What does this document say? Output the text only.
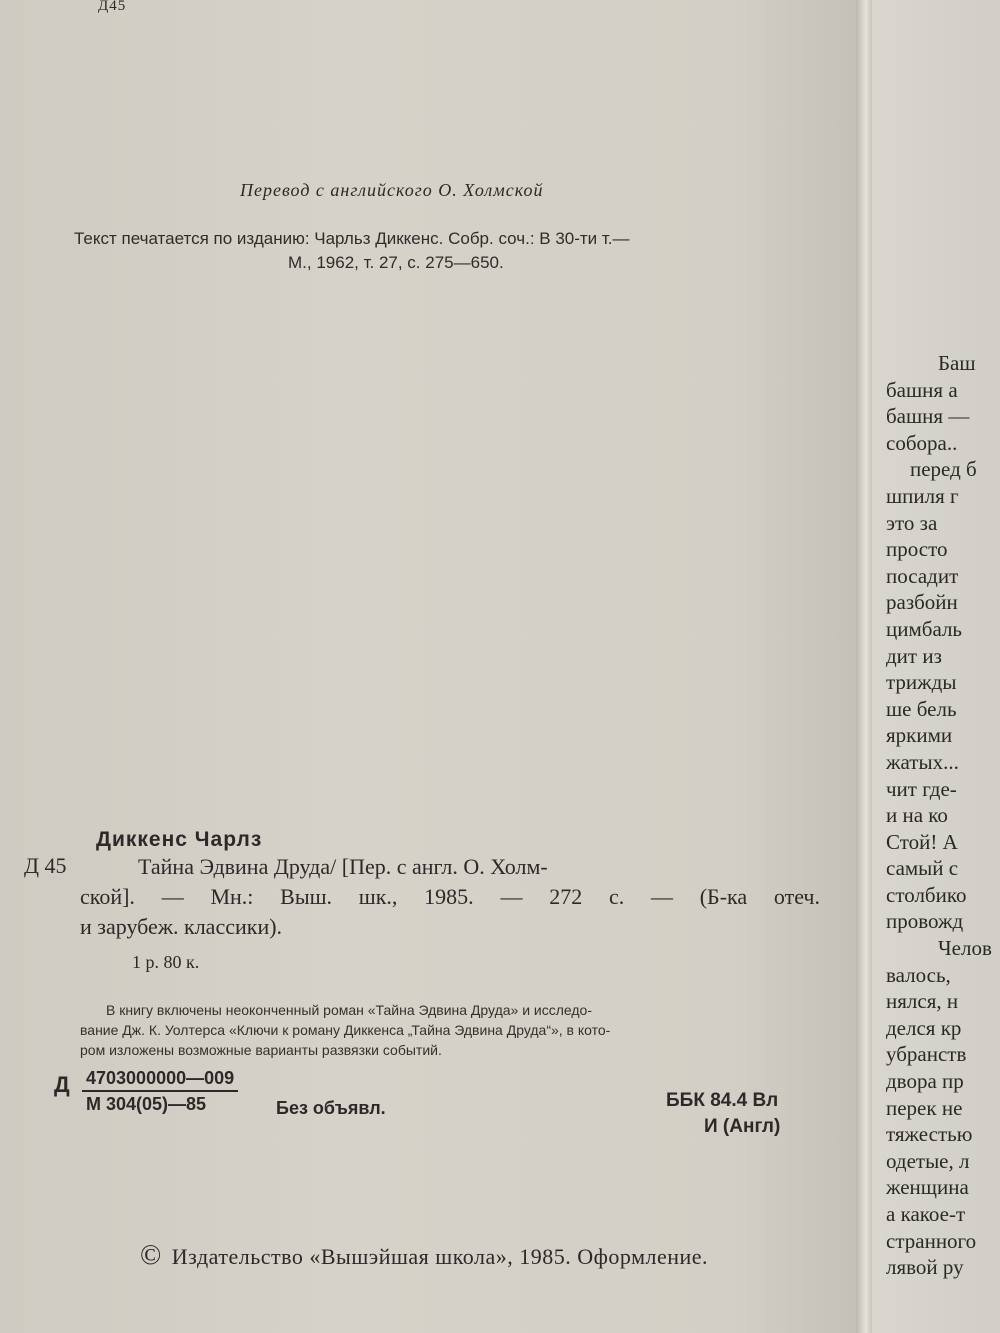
Д45
Перевод с английского О. Холмской
Текст печатается по изданию: Чарльз Диккенс. Собр. соч.: В 30-ти т.—
М., 1962, т. 27, с. 275—650.
Диккенс Чарлз
Д 45	Тайна Эдвина Друда/ [Пер. с англ. О. Холм-
ской]. — Мн.: Выш. шк., 1985. — 272 с. — (Б-ка отеч.
и зарубеж. классики).
1 р. 80 к.
В книгу включены неоконченный роман «Тайна Эдвина Друда» и исследо-
вание Дж. К. Уолтерса «Ключи к роману Диккенса „Тайна Эдвина Друда“», в кото-
ром изложены возможные варианты развязки событий.
Д 4703000000—009
М 304(05)—85	Без объявл.	ББК 84.4 Вл
И (Англ)
© Издательство «Вышэйшая школа», 1985. Оформление.
Баш
башня а
башня —
собора..
перед б
шпиля г
это за
просто
посадит
разбойн
цимбаль
дит из
трижды
ше бель
яркими
жатых...
чит где-
и на ко
Стой! А
самый с
столбико
провожд
Челов
валось,
нялся, н
делся кр
убранств
двора пр
перек не
тяжестью
одетые, л
женщина
а какое-т
странного
лявой ру
